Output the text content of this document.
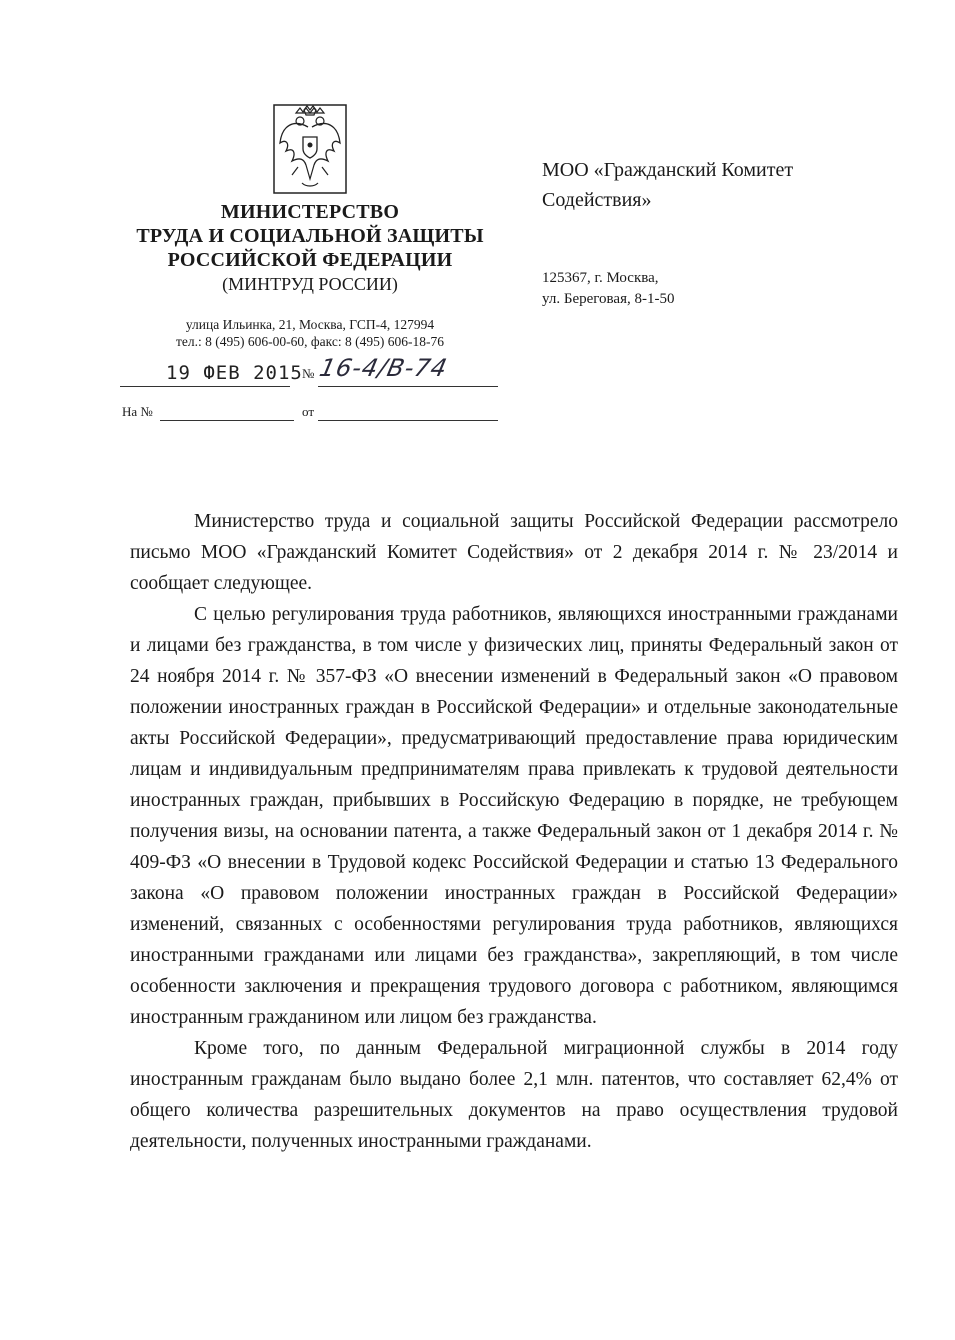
МИНИСТЕРСТВО
ТРУДА И СОЦИАЛЬНОЙ ЗАЩИТЫ
РОССИЙСКОЙ ФЕДЕРАЦИИ
(МИНТРУД РОССИИ)
улица Ильинка, 21, Москва, ГСП-4, 127994
тел.: 8 (495) 606-00-60, факс: 8 (495) 606-18-76
19 ФЕВ 2015 № 16-4/В-74
На №	от
МОО «Гражданский Комитет
Содействия»
125367, г. Москва,
ул. Береговая, 8-1-50

Министерство труда и социальной защиты Российской Федерации рассмотрело письмо МОО «Гражданский Комитет Содействия» от 2 декабря 2014 г. № 23/2014 и сообщает следующее.

С целью регулирования труда работников, являющихся иностранными гражданами и лицами без гражданства, в том числе у физических лиц, приняты Федеральный закон от 24 ноября 2014 г. № 357-ФЗ «О внесении изменений в Федеральный закон «О правовом положении иностранных граждан в Российской Федерации» и отдельные законодательные акты Российской Федерации», предусматривающий предоставление права юридическим лицам и индивидуальным предпринимателям права привлекать к трудовой деятельности иностранных граждан, прибывших в Российскую Федерацию в порядке, не требующем получения визы, на основании патента, а также Федеральный закон от 1 декабря 2014 г. № 409-ФЗ «О внесении в Трудовой кодекс Российской Федерации и статью 13 Федерального закона «О правовом положении иностранных граждан в Российской Федерации» изменений, связанных с особенностями регулирования труда работников, являющихся иностранными гражданами или лицами без гражданства», закрепляющий, в том числе особенности заключения и прекращения трудового договора с работником, являющимся иностранным гражданином или лицом без гражданства.

Кроме того, по данным Федеральной миграционной службы в 2014 году иностранным гражданам было выдано более 2,1 млн. патентов, что составляет 62,4% от общего количества разрешительных документов на право осуществления трудовой деятельности, полученных иностранными гражданами.
